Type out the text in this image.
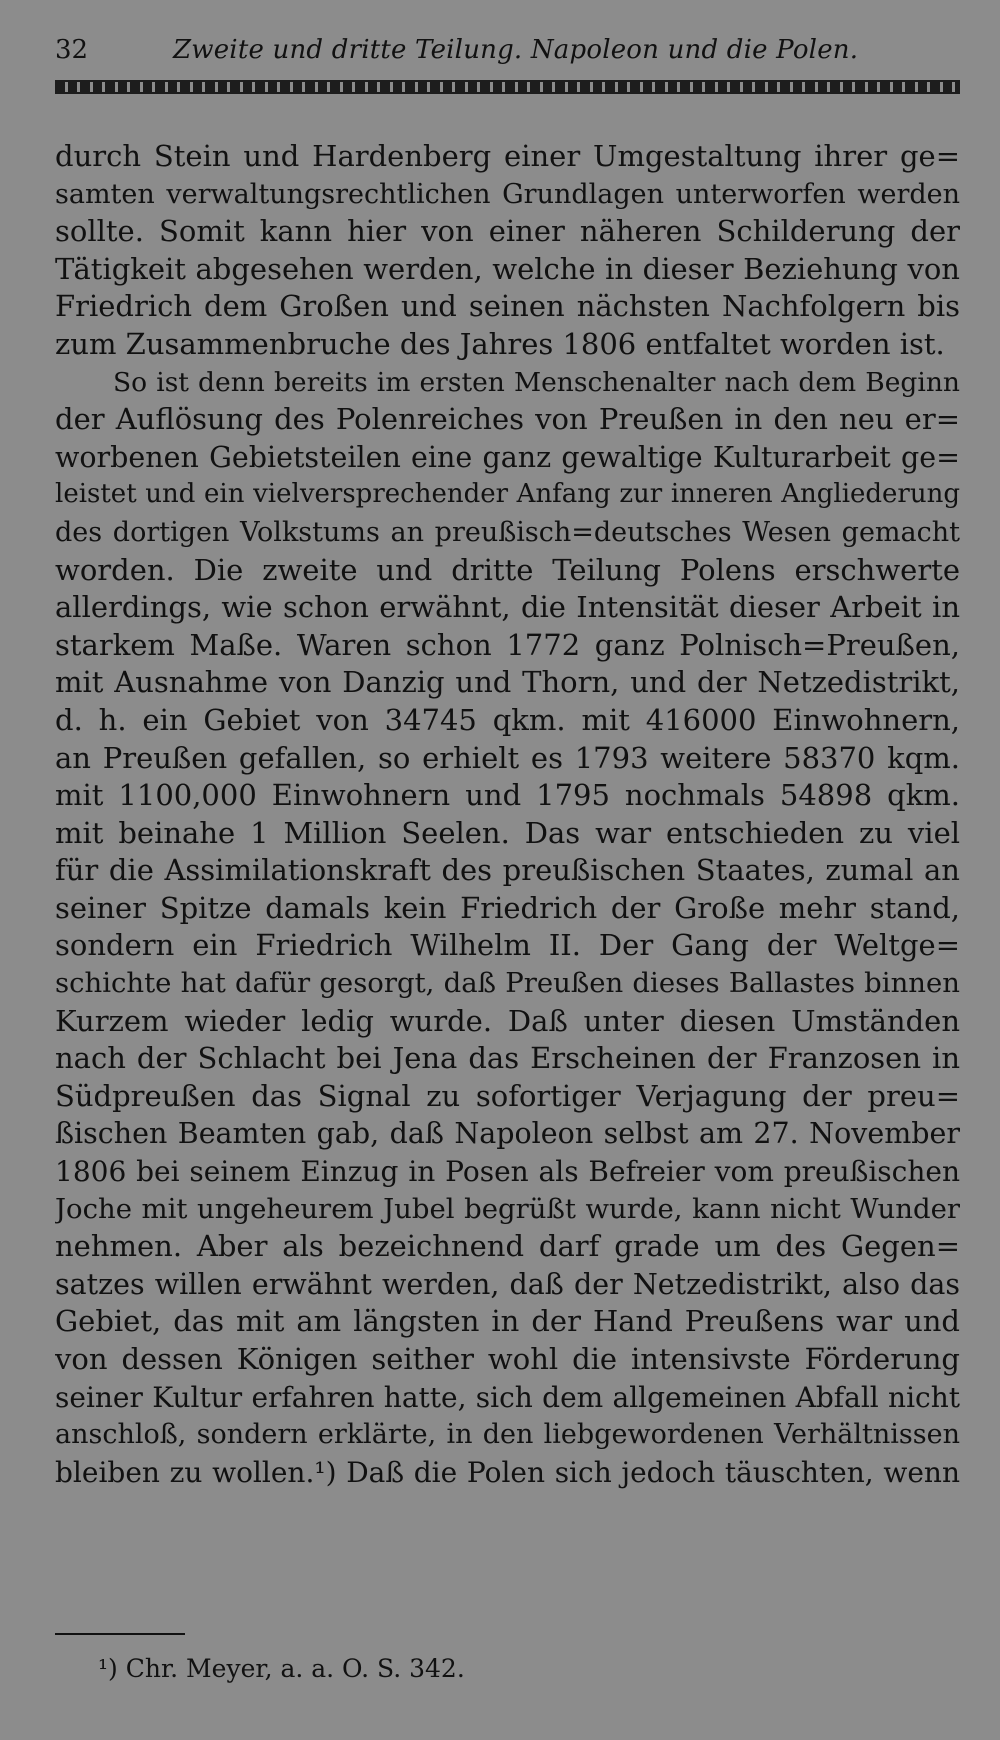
32	Zweite und dritte Teilung. Napoleon und die Polen.
durch Stein und Hardenberg einer Umgestaltung ihrer ge=
samten verwaltungsrechtlichen Grundlagen unterworfen werden
sollte. Somit kann hier von einer näheren Schilderung der
Tätigkeit abgesehen werden, welche in dieser Beziehung von
Friedrich dem Großen und seinen nächsten Nachfolgern bis
zum Zusammenbruche des Jahres 1806 entfaltet worden ist.
So ist denn bereits im ersten Menschenalter nach dem Beginn
der Auflösung des Polenreiches von Preußen in den neu er=
worbenen Gebietsteilen eine ganz gewaltige Kulturarbeit ge=
leistet und ein vielversprechender Anfang zur inneren Angliederung
des dortigen Volkstums an preußisch=deutsches Wesen gemacht
worden. Die zweite und dritte Teilung Polens erschwerte
allerdings, wie schon erwähnt, die Intensität dieser Arbeit in
starkem Maße. Waren schon 1772 ganz Polnisch=Preußen,
mit Ausnahme von Danzig und Thorn, und der Netzedistrikt,
d. h. ein Gebiet von 34745 qkm. mit 416000 Einwohnern,
an Preußen gefallen, so erhielt es 1793 weitere 58370 kqm.
mit 1100,000 Einwohnern und 1795 nochmals 54898 qkm.
mit beinahe 1 Million Seelen. Das war entschieden zu viel
für die Assimilationskraft des preußischen Staates, zumal an
seiner Spitze damals kein Friedrich der Große mehr stand,
sondern ein Friedrich Wilhelm II. Der Gang der Weltge=
schichte hat dafür gesorgt, daß Preußen dieses Ballastes binnen
Kurzem wieder ledig wurde. Daß unter diesen Umständen
nach der Schlacht bei Jena das Erscheinen der Franzosen in
Südpreußen das Signal zu sofortiger Verjagung der preu=
ßischen Beamten gab, daß Napoleon selbst am 27. November
1806 bei seinem Einzug in Posen als Befreier vom preußischen
Joche mit ungeheurem Jubel begrüßt wurde, kann nicht Wunder
nehmen. Aber als bezeichnend darf grade um des Gegen=
satzes willen erwähnt werden, daß der Netzedistrikt, also das
Gebiet, das mit am längsten in der Hand Preußens war und
von dessen Königen seither wohl die intensivste Förderung
seiner Kultur erfahren hatte, sich dem allgemeinen Abfall nicht
anschloß, sondern erklärte, in den liebgewordenen Verhältnissen
bleiben zu wollen.¹) Daß die Polen sich jedoch täuschten, wenn
¹) Chr. Meyer, a. a. O. S. 342.
